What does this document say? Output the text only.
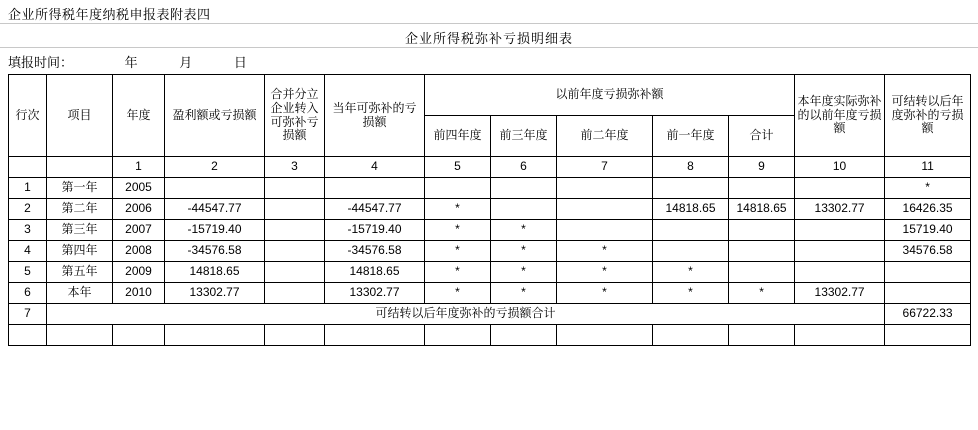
企业所得税年度纳税申报表附表四
企业所得税弥补亏损明细表
填报时间：	年	月	日
行次	项目	年度	盈利额或亏损额	合并分立企业转入可弥补亏损额	当年可弥补的亏损额	以前年度亏损弥补额					本年度实际弥补的以前年度亏损额	可结转以后年度弥补的亏损额
						前四年度	前三年度	前二年度	前一年度	合计		
		1	2	3	4	5	6	7	8	9	10	11
1	第一年	2005										*
2	第二年	2006	-44547.77		-44547.77	*			14818.65	14818.65	13302.77	16426.35
3	第三年	2007	-15719.40		-15719.40	*	*					15719.40
4	第四年	2008	-34576.58		-34576.58	*	*	*				34576.58
5	第五年	2009	14818.65		14818.65	*	*	*	*			
6	本年	2010	13302.77		13302.77	*	*	*	*	*	13302.77	
7	可结转以后年度弥补的亏损额合计											66722.33
